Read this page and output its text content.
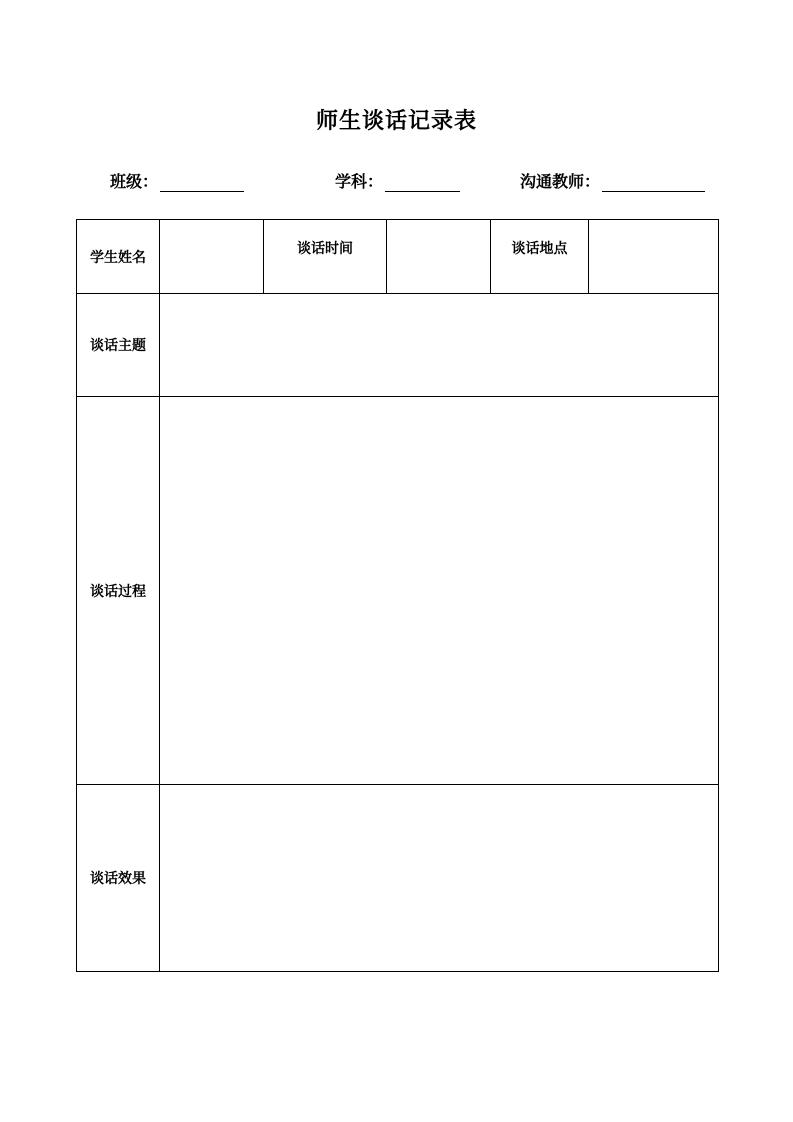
师生谈话记录表
班级：	学科：	沟通教师：
学生姓名		谈话时间		谈话地点	
谈话主题					
谈话过程					
谈话效果					
